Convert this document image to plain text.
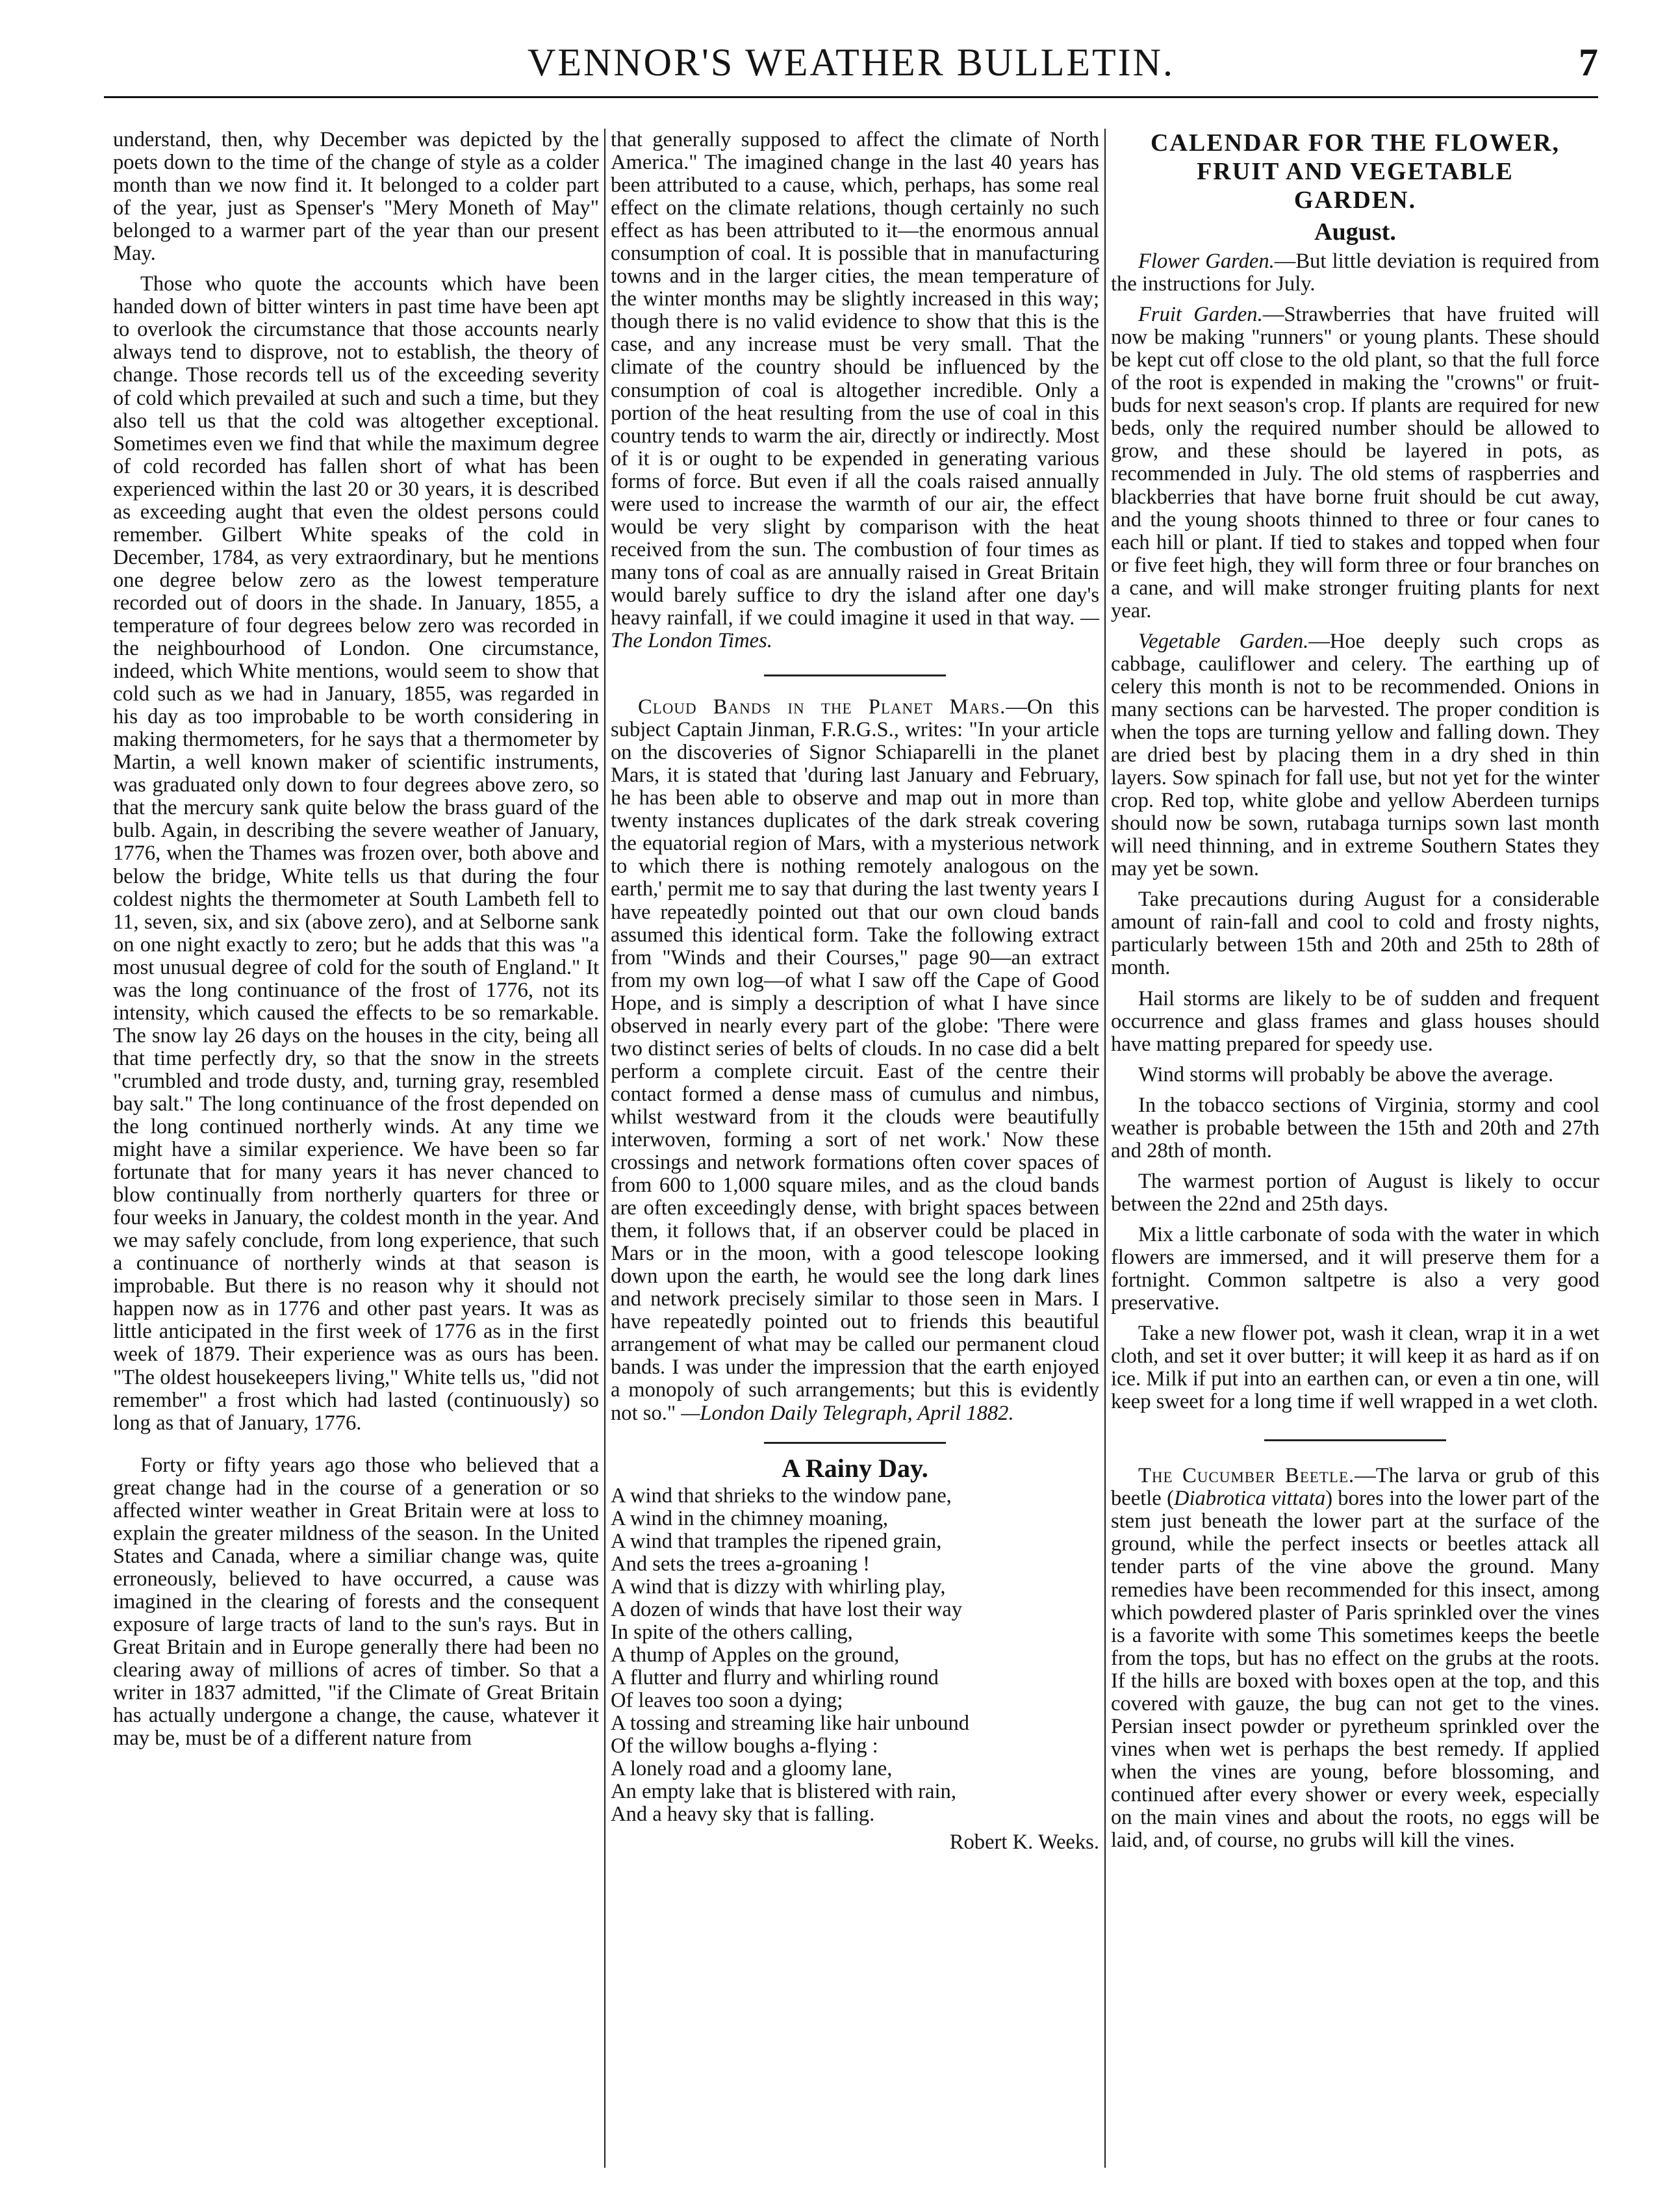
VENNOR'S WEATHER BULLETIN.	7

understand, then, why December was depicted by the poets down to the time of the change of style as a colder month than we now find it. It belonged to a colder part of the year, just as Spenser's "Mery Moneth of May" belonged to a warmer part of the year than our present May.

Those who quote the accounts which have been handed down of bitter winters in past time have been apt to overlook the circumstance that those accounts nearly always tend to disprove, not to establish, the theory of change. Those records tell us of the exceeding severity of cold which prevailed at such and such a time, but they also tell us that the cold was altogether exceptional. Sometimes even we find that while the maximum degree of cold recorded has fallen short of what has been experienced within the last 20 or 30 years, it is described as exceeding aught that even the oldest persons could remember. Gilbert White speaks of the cold in December, 1784, as very extraordinary, but he mentions one degree below zero as the lowest temperature recorded out of doors in the shade. In January, 1855, a temperature of four degrees below zero was recorded in the neighbourhood of London. One circumstance, indeed, which White mentions, would seem to show that cold such as we had in January, 1855, was regarded in his day as too improbable to be worth considering in making thermometers, for he says that a thermometer by Martin, a well known maker of scientific instruments, was graduated only down to four degrees above zero, so that the mercury sank quite below the brass guard of the bulb. Again, in describing the severe weather of January, 1776, when the Thames was frozen over, both above and below the bridge, White tells us that during the four coldest nights the thermometer at South Lambeth fell to 11, seven, six, and six (above zero), and at Selborne sank on one night exactly to zero; but he adds that this was "a most unusual degree of cold for the south of England." It was the long continuance of the frost of 1776, not its intensity, which caused the effects to be so remarkable. The snow lay 26 days on the houses in the city, being all that time perfectly dry, so that the snow in the streets "crumbled and trode dusty, and, turning gray, resembled bay salt." The long continuance of the frost depended on the long continued northerly winds. At any time we might have a similar experience. We have been so far fortunate that for many years it has never chanced to blow continually from northerly quarters for three or four weeks in January, the coldest month in the year. And we may safely conclude, from long experience, that such a continuance of northerly winds at that season is improbable. But there is no reason why it should not happen now as in 1776 and other past years. It was as little anticipated in the first week of 1776 as in the first week of 1879. Their experience was as ours has been. "The oldest housekeepers living," White tells us, "did not remember" a frost which had lasted (continuously) so long as that of January, 1776.

Forty or fifty years ago those who believed that a great change had in the course of a generation or so affected winter weather in Great Britain were at loss to explain the greater mildness of the season. In the United States and Canada, where a similiar change was, quite erroneously, believed to have occurred, a cause was imagined in the clearing of forests and the consequent exposure of large tracts of land to the sun's rays. But in Great Britain and in Europe generally there had been no clearing away of millions of acres of timber. So that a writer in 1837 admitted, "if the Climate of Great Britain has actually undergone a change, the cause, whatever it may be, must be of a different nature from

that generally supposed to affect the climate of North America." The imagined change in the last 40 years has been attributed to a cause, which, perhaps, has some real effect on the climate relations, though certainly no such effect as has been attributed to it—the enormous annual consumption of coal. It is possible that in manufacturing towns and in the larger cities, the mean temperature of the winter months may be slightly increased in this way; though there is no valid evidence to show that this is the case, and any increase must be very small. That the climate of the country should be influenced by the consumption of coal is altogether incredible. Only a portion of the heat resulting from the use of coal in this country tends to warm the air, directly or indirectly. Most of it is or ought to be expended in generating various forms of force. But even if all the coals raised annually were used to increase the warmth of our air, the effect would be very slight by comparison with the heat received from the sun. The combustion of four times as many tons of coal as are annually raised in Great Britain would barely suffice to dry the island after one day's heavy rainfall, if we could imagine it used in that way. —The London Times.

Cloud Bands in the Planet Mars.—On this subject Captain Jinman, F.R.G.S., writes: "In your article on the discoveries of Signor Schiaparelli in the planet Mars, it is stated that 'during last January and February, he has been able to observe and map out in more than twenty instances duplicates of the dark streak covering the equatorial region of Mars, with a mysterious network to which there is nothing remotely analogous on the earth,' permit me to say that during the last twenty years I have repeatedly pointed out that our own cloud bands assumed this identical form. Take the following extract from "Winds and their Courses," page 90—an extract from my own log—of what I saw off the Cape of Good Hope, and is simply a description of what I have since observed in nearly every part of the globe: 'There were two distinct series of belts of clouds. In no case did a belt perform a complete circuit. East of the centre their contact formed a dense mass of cumulus and nimbus, whilst westward from it the clouds were beautifully interwoven, forming a sort of net work.' Now these crossings and network formations often cover spaces of from 600 to 1,000 square miles, and as the cloud bands are often exceedingly dense, with bright spaces between them, it follows that, if an observer could be placed in Mars or in the moon, with a good telescope looking down upon the earth, he would see the long dark lines and network precisely similar to those seen in Mars. I have repeatedly pointed out to friends this beautiful arrangement of what may be called our permanent cloud bands. I was under the impression that the earth enjoyed a monopoly of such arrangements; but this is evidently not so." —London Daily Telegraph, April 1882.

A Rainy Day.
A wind that shrieks to the window pane,
A wind in the chimney moaning,
A wind that tramples the ripened grain,
And sets the trees a-groaning !
A wind that is dizzy with whirling play,
A dozen of winds that have lost their way
In spite of the others calling,
A thump of Apples on the ground,
A flutter and flurry and whirling round
Of leaves too soon a dying;
A tossing and streaming like hair unbound
Of the willow boughs a-flying :
A lonely road and a gloomy lane,
An empty lake that is blistered with rain,
And a heavy sky that is falling.
Robert K. Weeks.
CALENDAR FOR THE FLOWER,
FRUIT AND VEGETABLE
GARDEN.
August.

Flower Garden.—But little deviation is required from the instructions for July.

Fruit Garden.—Strawberries that have fruited will now be making "runners" or young plants. These should be kept cut off close to the old plant, so that the full force of the root is expended in making the "crowns" or fruit-buds for next season's crop. If plants are required for new beds, only the required number should be allowed to grow, and these should be layered in pots, as recommended in July. The old stems of raspberries and blackberries that have borne fruit should be cut away, and the young shoots thinned to three or four canes to each hill or plant. If tied to stakes and topped when four or five feet high, they will form three or four branches on a cane, and will make stronger fruiting plants for next year.

Vegetable Garden.—Hoe deeply such crops as cabbage, cauliflower and celery. The earthing up of celery this month is not to be recommended. Onions in many sections can be harvested. The proper condition is when the tops are turning yellow and falling down. They are dried best by placing them in a dry shed in thin layers. Sow spinach for fall use, but not yet for the winter crop. Red top, white globe and yellow Aberdeen turnips should now be sown, rutabaga turnips sown last month will need thinning, and in extreme Southern States they may yet be sown.

Take precautions during August for a considerable amount of rain-fall and cool to cold and frosty nights, particularly between 15th and 20th and 25th to 28th of month.

Hail storms are likely to be of sudden and frequent occurrence and glass frames and glass houses should have matting prepared for speedy use.

Wind storms will probably be above the average.

In the tobacco sections of Virginia, stormy and cool weather is probable between the 15th and 20th and 27th and 28th of month.

The warmest portion of August is likely to occur between the 22nd and 25th days.

Mix a little carbonate of soda with the water in which flowers are immersed, and it will preserve them for a fortnight. Common saltpetre is also a very good preservative.

Take a new flower pot, wash it clean, wrap it in a wet cloth, and set it over butter; it will keep it as hard as if on ice. Milk if put into an earthen can, or even a tin one, will keep sweet for a long time if well wrapped in a wet cloth.

The Cucumber Beetle.—The larva or grub of this beetle (Diabrotica vittata) bores into the lower part of the stem just beneath the lower part at the surface of the ground, while the perfect insects or beetles attack all tender parts of the vine above the ground. Many remedies have been recommended for this insect, among which powdered plaster of Paris sprinkled over the vines is a favorite with some This sometimes keeps the beetle from the tops, but has no effect on the grubs at the roots. If the hills are boxed with boxes open at the top, and this covered with gauze, the bug can not get to the vines. Persian insect powder or pyretheum sprinkled over the vines when wet is perhaps the best remedy. If applied when the vines are young, before blossoming, and continued after every shower or every week, especially on the main vines and about the roots, no eggs will be laid, and, of course, no grubs will kill the vines.
